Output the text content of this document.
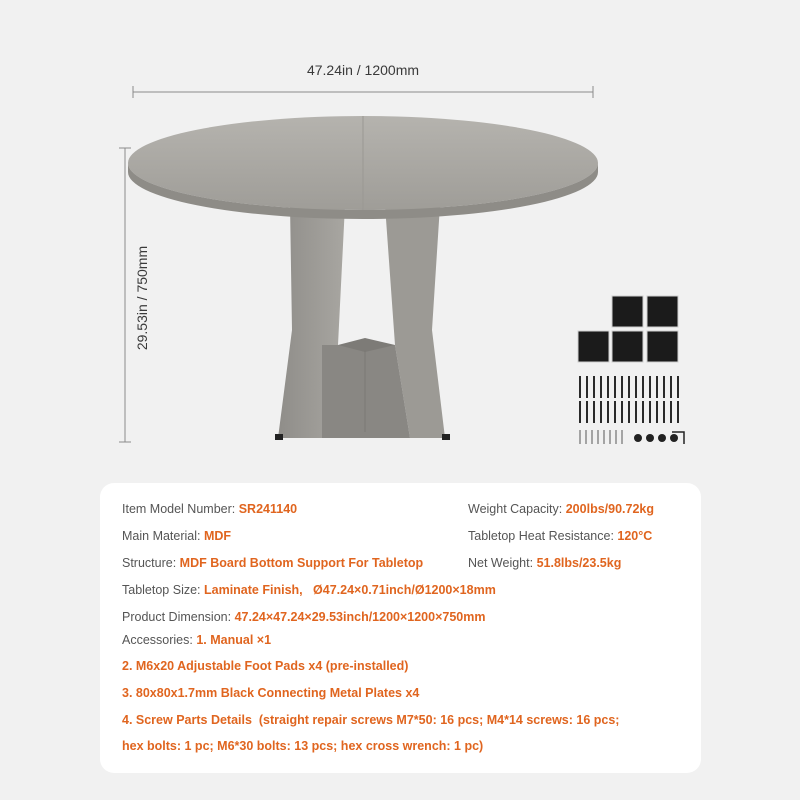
47.24in / 1200mm
29.53in / 750mm
Item Model Number: SR241140	Weight Capacity: 200lbs/90.72kg
Main Material: MDF	Tabletop Heat Resistance: 120°C
Structure: MDF Board Bottom Support For Tabletop	Net Weight: 51.8lbs/23.5kg
Tabletop Size: Laminate Finish,   Ø47.24×0.71inch/Ø1200×18mm
Product Dimension: 47.24×47.24×29.53inch/1200×1200×750mm
Accessories: 1. Manual ×1
2. M6x20 Adjustable Foot Pads x4 (pre-installed)
3. 80x80x1.7mm Black Connecting Metal Plates x4
4. Screw Parts Details  (straight repair screws M7*50: 16 pcs; M4*14 screws: 16 pcs;
hex bolts: 1 pc; M6*30 bolts: 13 pcs; hex cross wrench: 1 pc)
